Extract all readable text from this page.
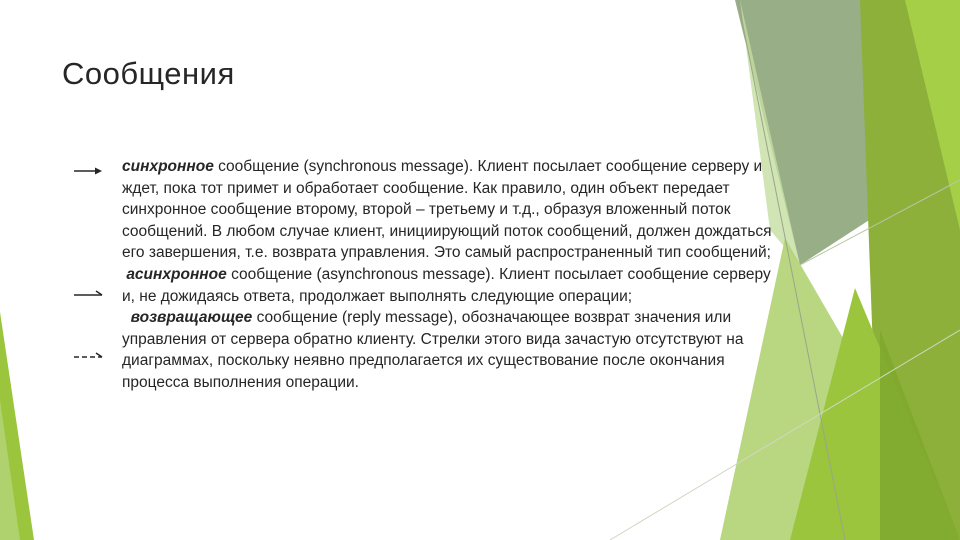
Сообщения

синхронное сообщение (synchronous message). Клиент посылает сообщение серверу и ждет, пока тот примет и обработает сообщение. Как правило, один объект передает синхронное сообщение второму, второй – третьему и т.д., образуя вложенный поток сообщений. В любом случае клиент, инициирующий поток сообщений, должен дождаться его завершения, т.е. возврата управления. Это самый распространенный тип сообщений;

асинхронное сообщение (asynchronous message). Клиент посылает сообщение серверу и, не дожидаясь ответа, продолжает выполнять следующие операции;

возвращающее сообщение (reply message), обозначающее возврат значения или управления от сервера обратно клиенту. Стрелки этого вида зачастую отсутствуют на диаграммах, поскольку неявно предполагается их существование после окончания процесса выполнения операции.
